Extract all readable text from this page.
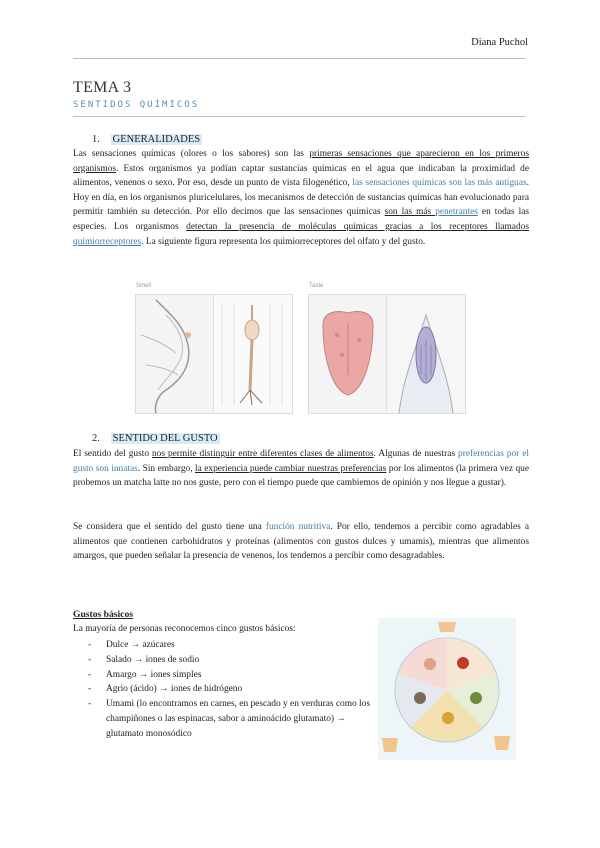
Diana Puchol
TEMA 3
SENTIDOS QUÍMICOS
1. GENERALIDADES
Las sensaciones químicas (olores o los sabores) son las primeras sensaciones que aparecieron en los primeros organismos. Estos organismos ya podían captar sustancias químicas en el agua que indicaban la proximidad de alimentos, venenos o sexo. Por eso, desde un punto de vista filogenético, las sensaciones químicas son las más antiguas. Hoy en día, en los organismos pluricelulares, los mecanismos de detección de sustancias químicas han evolucionado para permitir también su detección. Por ello decimos que las sensaciones químicas son las más penetrantes en todas las especies. Los organismos detectan la presencia de moléculas químicas gracias a los receptores llamados quimiorreceptores. La siguiente figura representa los quimiorreceptores del olfato y del gusto.
Smell	Taste
2. SENTIDO DEL GUSTO
El sentido del gusto nos permite distinguir entre diferentes clases de alimentos. Algunas de nuestras preferencias por el gusto son innatas. Sin embargo, la experiencia puede cambiar nuestras preferencias por los alimentos (la primera vez que probemos un matcha latte no nos guste, pero con el tiempo puede que cambiemos de opinión y nos llegue a gustar).
Se considera que el sentido del gusto tiene una función nutritiva. Por ello, tendemos a percibir como agradables a alimentos que contienen carbohidratos y proteínas (alimentos con gustos dulces y umamis), mientras que alimentos amargos, que pueden señalar la presencia de venenos, los tendemos a percibir como desagradables.
Gustos básicos
La mayoría de personas reconocemos cinco gustos básicos:
-	Dulce → azúcares
-	Salado → iones de sodio
-	Amargo → iones simples
-	Agrio (ácido) → iones de hidrógeno
-	Umami (lo encontramos en carnes, en pescado y en verduras como los champiñones o las espinacas, sabor a aminoácido glutamato) → glutamato monosódico
